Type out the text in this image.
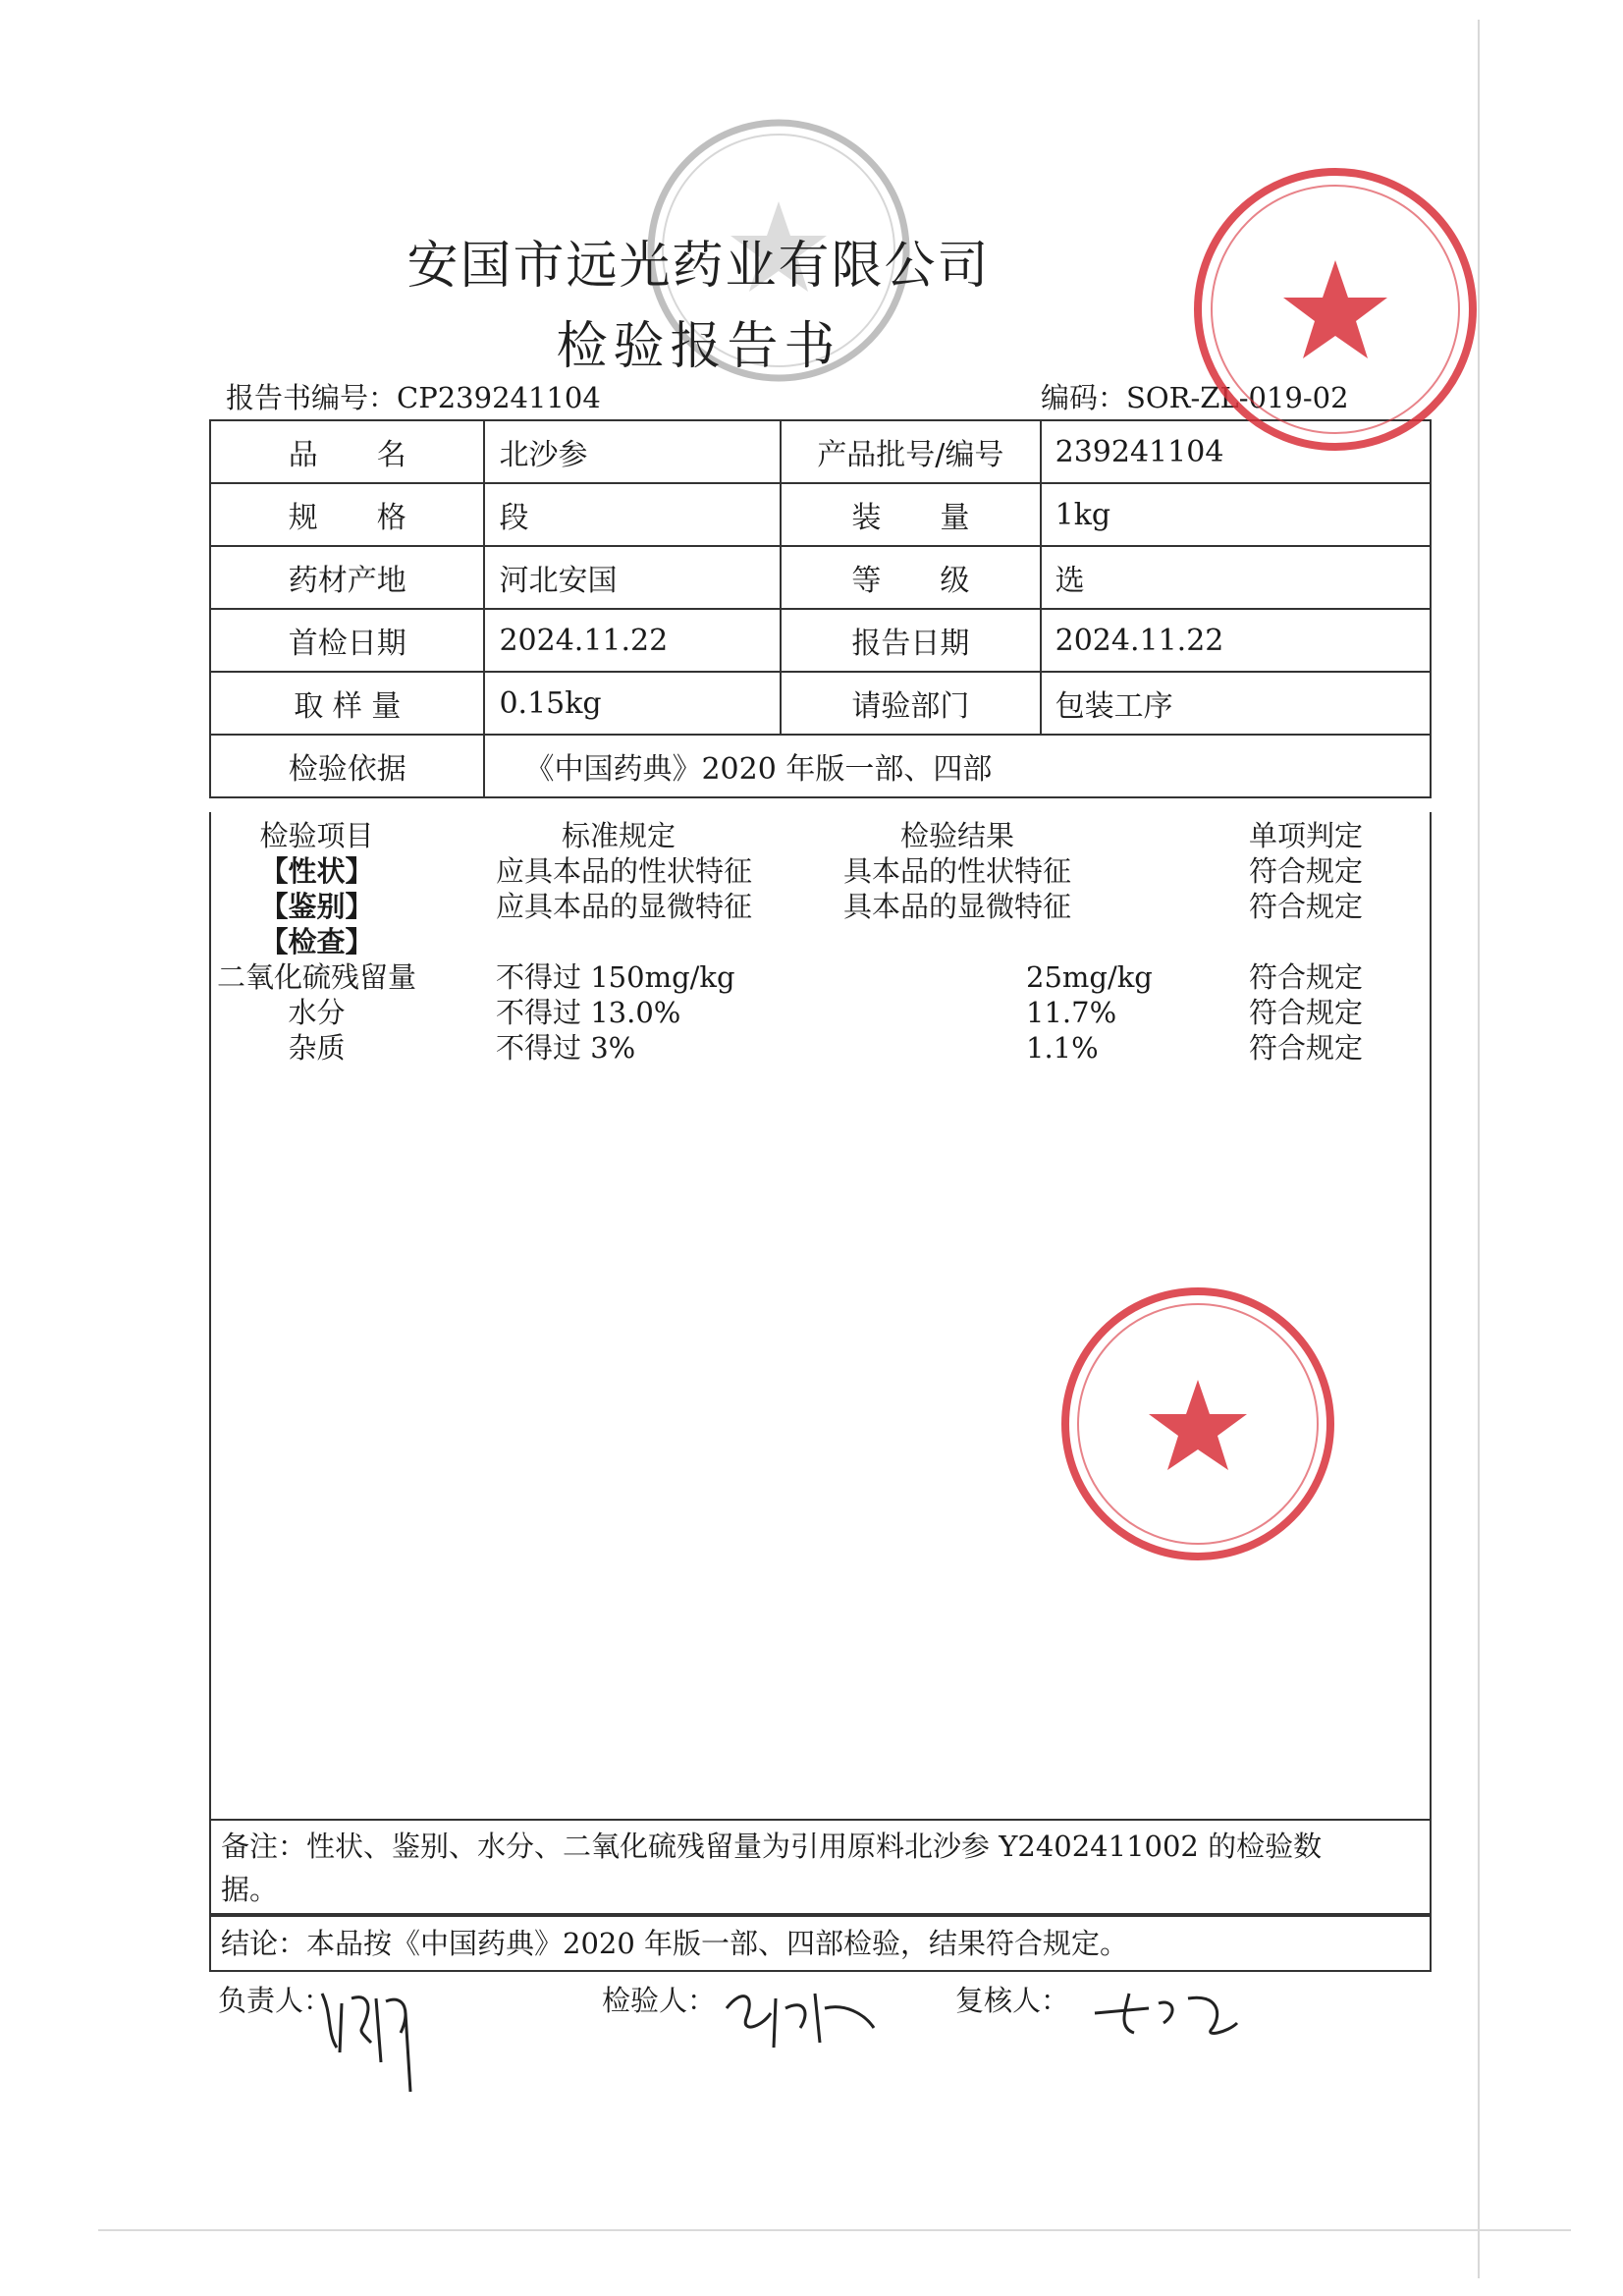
安国市远光药业有限公司
检验报告书
报告书编号：CP239241104	编码：SOR-ZL-019-02
品　　名	北沙参	产品批号/编号	239241104
规　　格	段	装　　量	1kg
药材产地	河北安国	等　　级	选
首检日期	2024.11.22	报告日期	2024.11.22
取 样 量	0.15kg	请验部门	包装工序
检验依据	《中国药典》2020 年版一部、四部		
检验项目	标准规定	检验结果	单项判定
【性状】	应具本品的性状特征	具本品的性状特征	符合规定
【鉴别】	应具本品的显微特征	具本品的显微特征	符合规定
【检查】
二氧化硫残留量	不得过 150mg/kg	25mg/kg	符合规定
水分	不得过 13.0%	11.7%	符合规定
杂质	不得过 3%	1.1%	符合规定
备注：性状、鉴别、水分、二氧化硫残留量为引用原料北沙参 Y2402411002 的检验数
据。
结论：本品按《中国药典》2020 年版一部、四部检验，结果符合规定。
负责人：	检验人：	复核人：
